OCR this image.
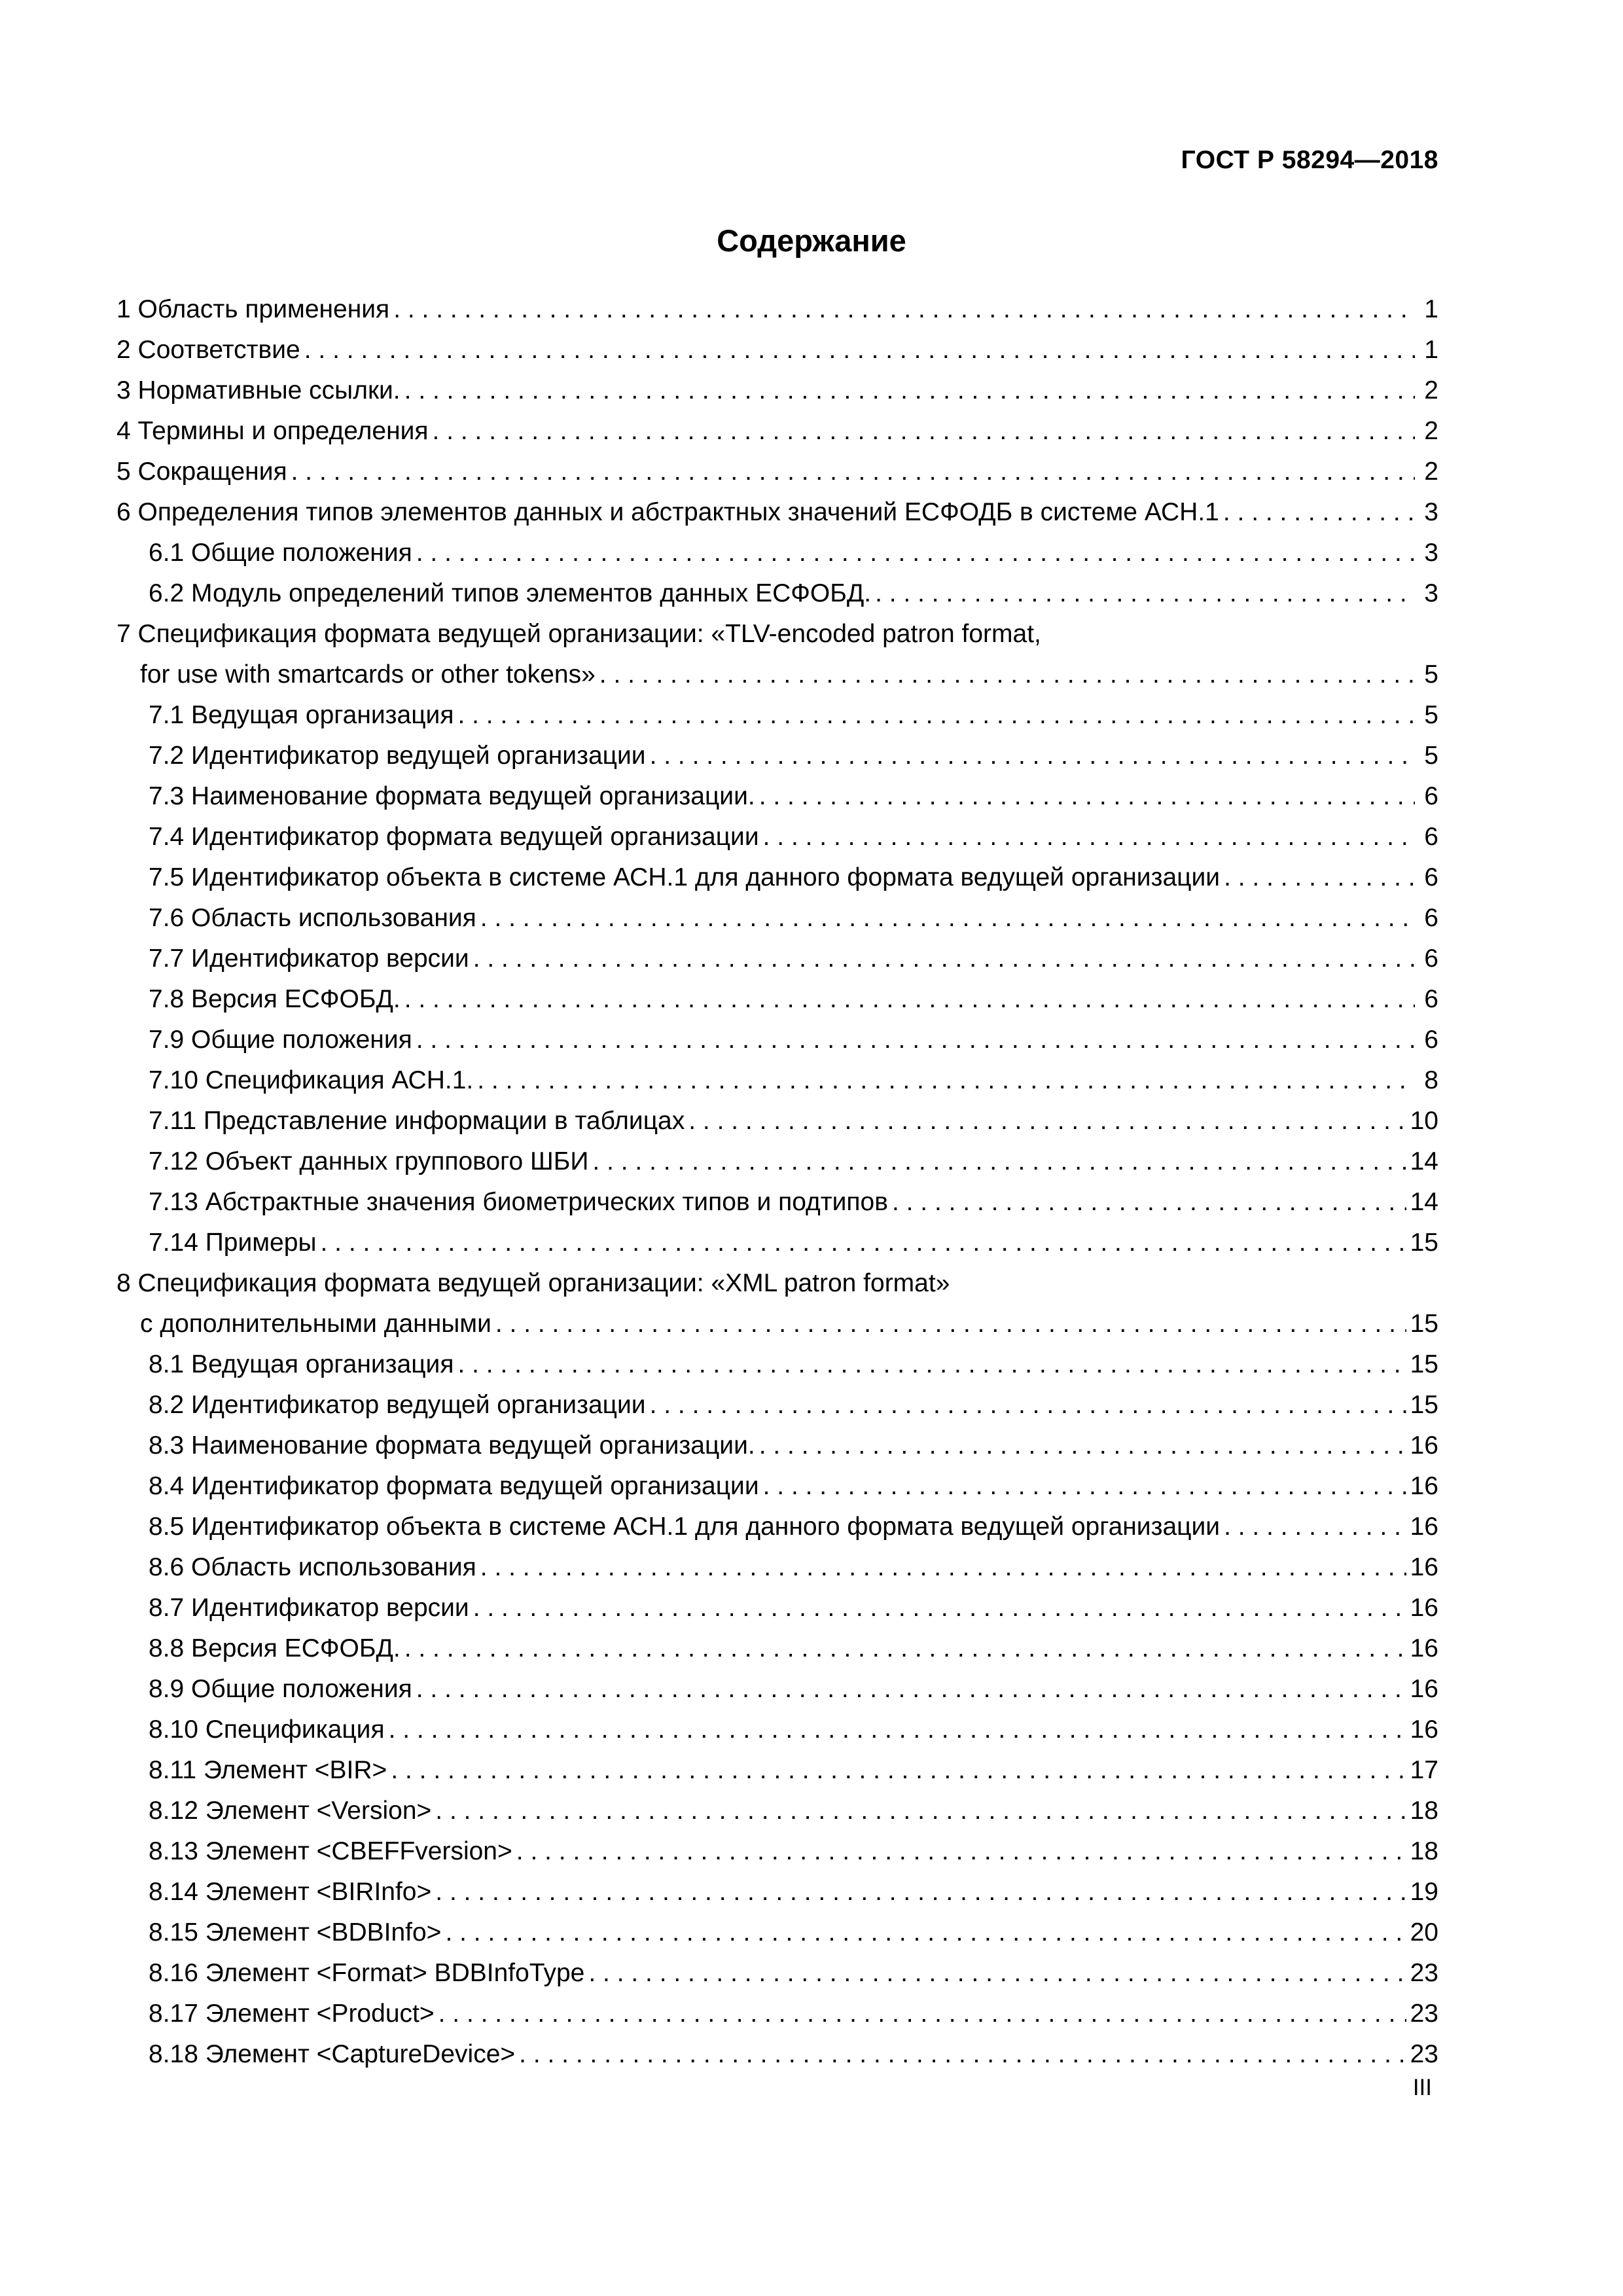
ГОСТ Р 58294—2018
Содержание
1 Область применения . . .	1
2 Соответствие . . .	1
3 Нормативные ссылки. . . .	2
4 Термины и определения . . .	2
5 Сокращения . . .	2
6 Определения типов элементов данных и абстрактных значений ЕСФОДБ в системе АСН.1 . . .	3
6.1 Общие положения . . .	3
6.2 Модуль определений типов элементов данных ЕСФОБД. . . .	3
7 Спецификация формата ведущей организации: «TLV-encoded patron format,
for use with smartcards or other tokens» . . .	5
7.1 Ведущая организация . . .	5
7.2 Идентификатор ведущей организации . . .	5
7.3 Наименование формата ведущей организации. . . .	6
7.4 Идентификатор формата ведущей организации . . .	6
7.5 Идентификатор объекта в системе АСН.1 для данного формата ведущей организации . . .	6
7.6 Область использования . . .	6
7.7 Идентификатор версии . . .	6
7.8 Версия ЕСФОБД. . . .	6
7.9 Общие положения . . .	6
7.10 Спецификация АСН.1. . . .	8
7.11 Представление информации в таблицах . . .	10
7.12 Объект данных группового ШБИ . . .	14
7.13 Абстрактные значения биометрических типов и подтипов . . .	14
7.14 Примеры . . .	15
8 Спецификация формата ведущей организации: «XML patron format»
с дополнительными данными . . .	15
8.1 Ведущая организация . . .	15
8.2 Идентификатор ведущей организации . . .	15
8.3 Наименование формата ведущей организации. . . .	16
8.4 Идентификатор формата ведущей организации . . .	16
8.5 Идентификатор объекта в системе АСН.1 для данного формата ведущей организации . . .	16
8.6 Область использования . . .	16
8.7 Идентификатор версии . . .	16
8.8 Версия ЕСФОБД. . . .	16
8.9 Общие положения . . .	16
8.10 Спецификация . . .	16
8.11 Элемент <BIR> . . .	17
8.12 Элемент <Version> . . .	18
8.13 Элемент <CBEFFversion> . . .	18
8.14 Элемент <BIRInfo> . . .	19
8.15 Элемент <BDBInfo> . . .	20
8.16 Элемент <Format> BDBInfoType . . .	23
8.17 Элемент <Product> . . .	23
8.18 Элемент <CaptureDevice> . . .	23
III
